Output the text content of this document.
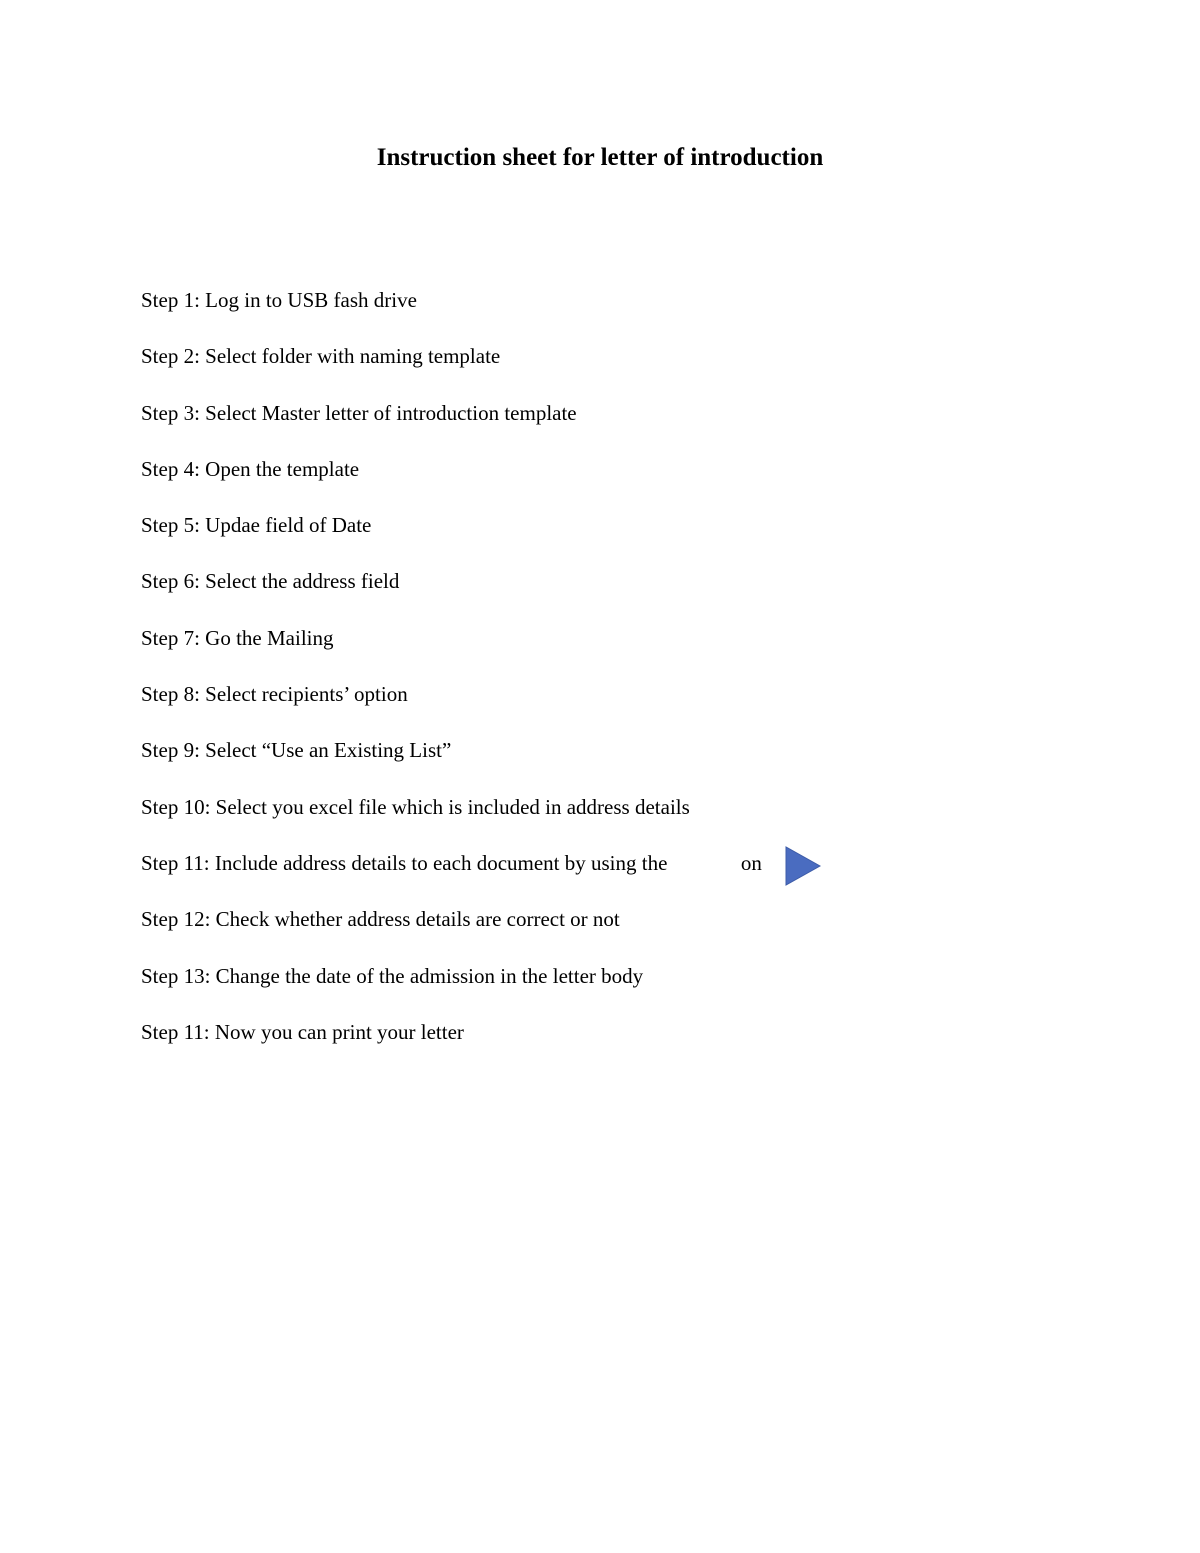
Instruction sheet for letter of introduction
Step 1: Log in to USB fash drive
Step 2: Select folder with naming template
Step 3: Select Master letter of introduction template
Step 4: Open the template
Step 5: Updae field of Date
Step 6: Select the address field
Step 7: Go the Mailing
Step 8: Select recipients’ option
Step 9: Select “Use an Existing List”
Step 10: Select you excel file which is included in address details
Step 11: Include address details to each document by using the              on
Step 12: Check whether address details are correct or not
Step 13: Change the date of the admission in the letter body
Step 11: Now you can print your letter
